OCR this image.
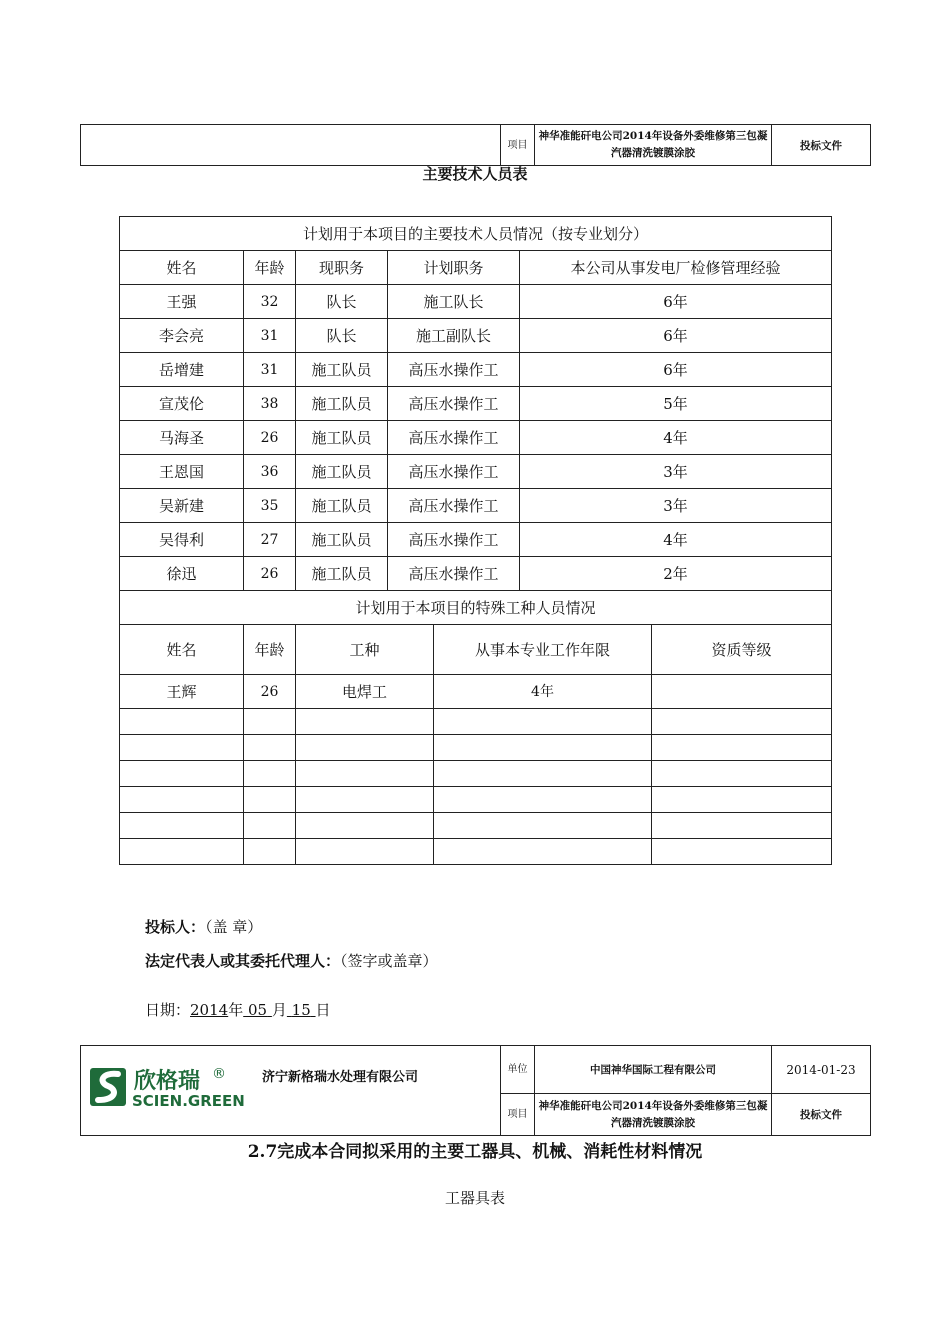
	项目	神华准能矸电公司2014年设备外委维修第三包凝汽器清洗镀膜涂胶	投标文件
主要技术人员表
计划用于本项目的主要技术人员情况（按专业划分）						
姓名	年龄	现职务	计划职务		本公司从事发电厂检修管理经验	
王强	32	队长	施工队长		6年	
李会亮	31	队长	施工副队长		6年	
岳增建	31	施工队员	高压水操作工		6年	
宣茂伦	38	施工队员	高压水操作工		5年	
马海圣	26	施工队员	高压水操作工		4年	
王恩国	36	施工队员	高压水操作工		3年	
吴新建	35	施工队员	高压水操作工		3年	
吴得利	27	施工队员	高压水操作工		4年	
徐迅	26	施工队员	高压水操作工		2年	
计划用于本项目的特殊工种人员情况						
姓名	年龄	工种		从事本专业工作年限		资质等级
王辉	26	电焊工		4年		

投标人：（盖 章）
法定代表人或其委托代理人：（签字或盖章）
日期：2014年 05 月 15 日
	单位	中国神华国际工程有限公司	2014-01-23
	项目	神华准能矸电公司2014年设备外委维修第三包凝汽器清洗镀膜涂胶	投标文件
欣格瑞 ®
SCIEN.GREEN
济宁新格瑞水处理有限公司
2.7完成本合同拟采用的主要工器具、机械、消耗性材料情况
工器具表
